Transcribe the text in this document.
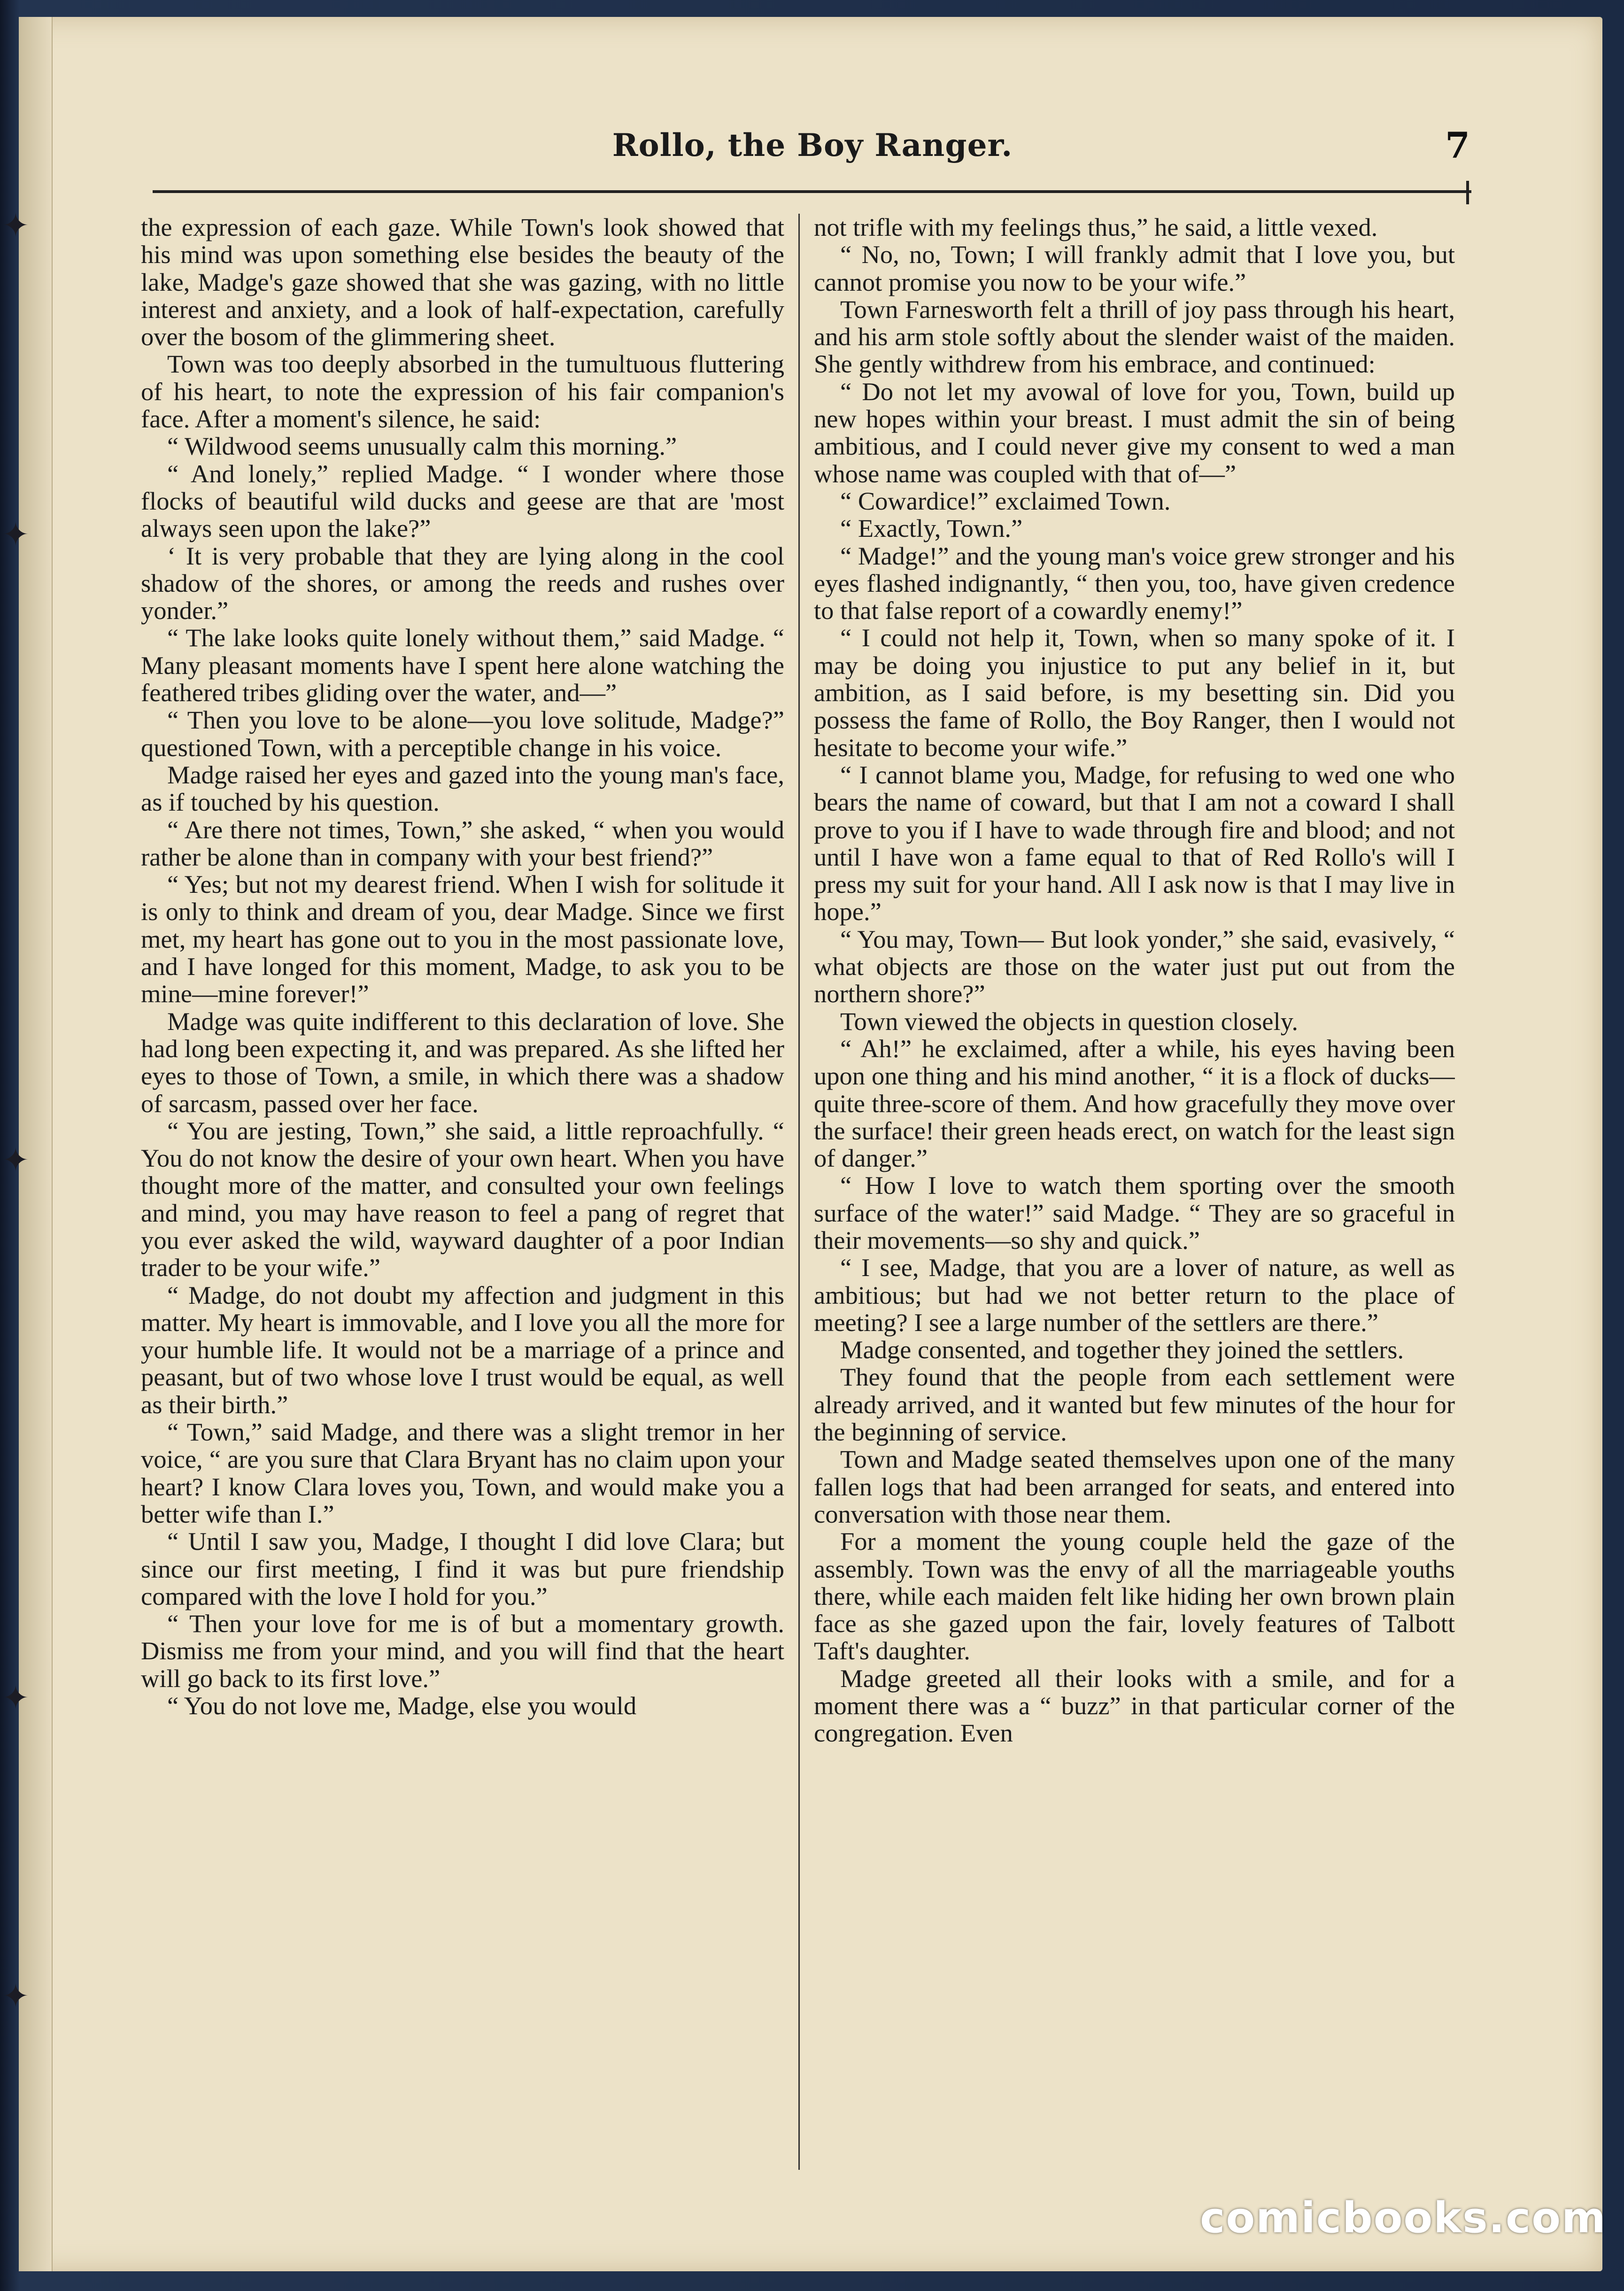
✦
✦
✦
✦
✦
Rollo, the Boy Ranger.	7

the expression of each gaze. While Town's look showed that his mind was upon something else besides the beauty of the lake, Madge's gaze showed that she was gazing, with no little interest and anxiety, and a look of half-expectation, carefully over the bosom of the glimmering sheet.

Town was too deeply absorbed in the tumultuous fluttering of his heart, to note the expression of his fair companion's face. After a moment's silence, he said:

“ Wildwood seems unusually calm this morning.”

“ And lonely,” replied Madge. “ I wonder where those flocks of beautiful wild ducks and geese are that are 'most always seen upon the lake?”

‘ It is very probable that they are lying along in the cool shadow of the shores, or among the reeds and rushes over yonder.”

“ The lake looks quite lonely without them,” said Madge. “ Many pleasant moments have I spent here alone watching the feathered tribes gliding over the water, and—”

“ Then you love to be alone—you love solitude, Madge?” questioned Town, with a perceptible change in his voice.

Madge raised her eyes and gazed into the young man's face, as if touched by his question.

“ Are there not times, Town,” she asked, “ when you would rather be alone than in company with your best friend?”

“ Yes; but not my dearest friend. When I wish for solitude it is only to think and dream of you, dear Madge. Since we first met, my heart has gone out to you in the most passionate love, and I have longed for this moment, Madge, to ask you to be mine—mine forever!”

Madge was quite indifferent to this declaration of love. She had long been expecting it, and was prepared. As she lifted her eyes to those of Town, a smile, in which there was a shadow of sarcasm, passed over her face.

“ You are jesting, Town,” she said, a little reproachfully. “ You do not know the desire of your own heart. When you have thought more of the matter, and consulted your own feelings and mind, you may have reason to feel a pang of regret that you ever asked the wild, wayward daughter of a poor Indian trader to be your wife.”

“ Madge, do not doubt my affection and judgment in this matter. My heart is immovable, and I love you all the more for your humble life. It would not be a marriage of a prince and peasant, but of two whose love I trust would be equal, as well as their birth.”

“ Town,” said Madge, and there was a slight tremor in her voice, “ are you sure that Clara Bryant has no claim upon your heart? I know Clara loves you, Town, and would make you a better wife than I.”

“ Until I saw you, Madge, I thought I did love Clara; but since our first meeting, I find it was but pure friendship compared with the love I hold for you.”

“ Then your love for me is of but a momentary growth. Dismiss me from your mind, and you will find that the heart will go back to its first love.”

“ You do not love me, Madge, else you would

not trifle with my feelings thus,” he said, a little vexed.

“ No, no, Town; I will frankly admit that I love you, but cannot promise you now to be your wife.”

Town Farnesworth felt a thrill of joy pass through his heart, and his arm stole softly about the slender waist of the maiden. She gently withdrew from his embrace, and continued:

“ Do not let my avowal of love for you, Town, build up new hopes within your breast. I must admit the sin of being ambitious, and I could never give my consent to wed a man whose name was coupled with that of—”

“ Cowardice!” exclaimed Town.

“ Exactly, Town.”

“ Madge!” and the young man's voice grew stronger and his eyes flashed indignantly, “ then you, too, have given credence to that false report of a cowardly enemy!”

“ I could not help it, Town, when so many spoke of it. I may be doing you injustice to put any belief in it, but ambition, as I said before, is my besetting sin. Did you possess the fame of Rollo, the Boy Ranger, then I would not hesitate to become your wife.”

“ I cannot blame you, Madge, for refusing to wed one who bears the name of coward, but that I am not a coward I shall prove to you if I have to wade through fire and blood; and not until I have won a fame equal to that of Red Rollo's will I press my suit for your hand. All I ask now is that I may live in hope.”

“ You may, Town— But look yonder,” she said, evasively, “ what objects are those on the water just put out from the northern shore?”

Town viewed the objects in question closely.

“ Ah!” he exclaimed, after a while, his eyes having been upon one thing and his mind another, “ it is a flock of ducks—quite three-score of them. And how gracefully they move over the surface! their green heads erect, on watch for the least sign of danger.”

“ How I love to watch them sporting over the smooth surface of the water!” said Madge. “ They are so graceful in their movements—so shy and quick.”

“ I see, Madge, that you are a lover of nature, as well as ambitious; but had we not better return to the place of meeting? I see a large number of the settlers are there.”

Madge consented, and together they joined the settlers.

They found that the people from each settlement were already arrived, and it wanted but few minutes of the hour for the beginning of service.

Town and Madge seated themselves upon one of the many fallen logs that had been arranged for seats, and entered into conversation with those near them.

For a moment the young couple held the gaze of the assembly. Town was the envy of all the marriageable youths there, while each maiden felt like hiding her own brown plain face as she gazed upon the fair, lovely features of Talbott Taft's daughter.

Madge greeted all their looks with a smile, and for a moment there was a “ buzz” in that particular corner of the congregation. Even

comicbooks.com
